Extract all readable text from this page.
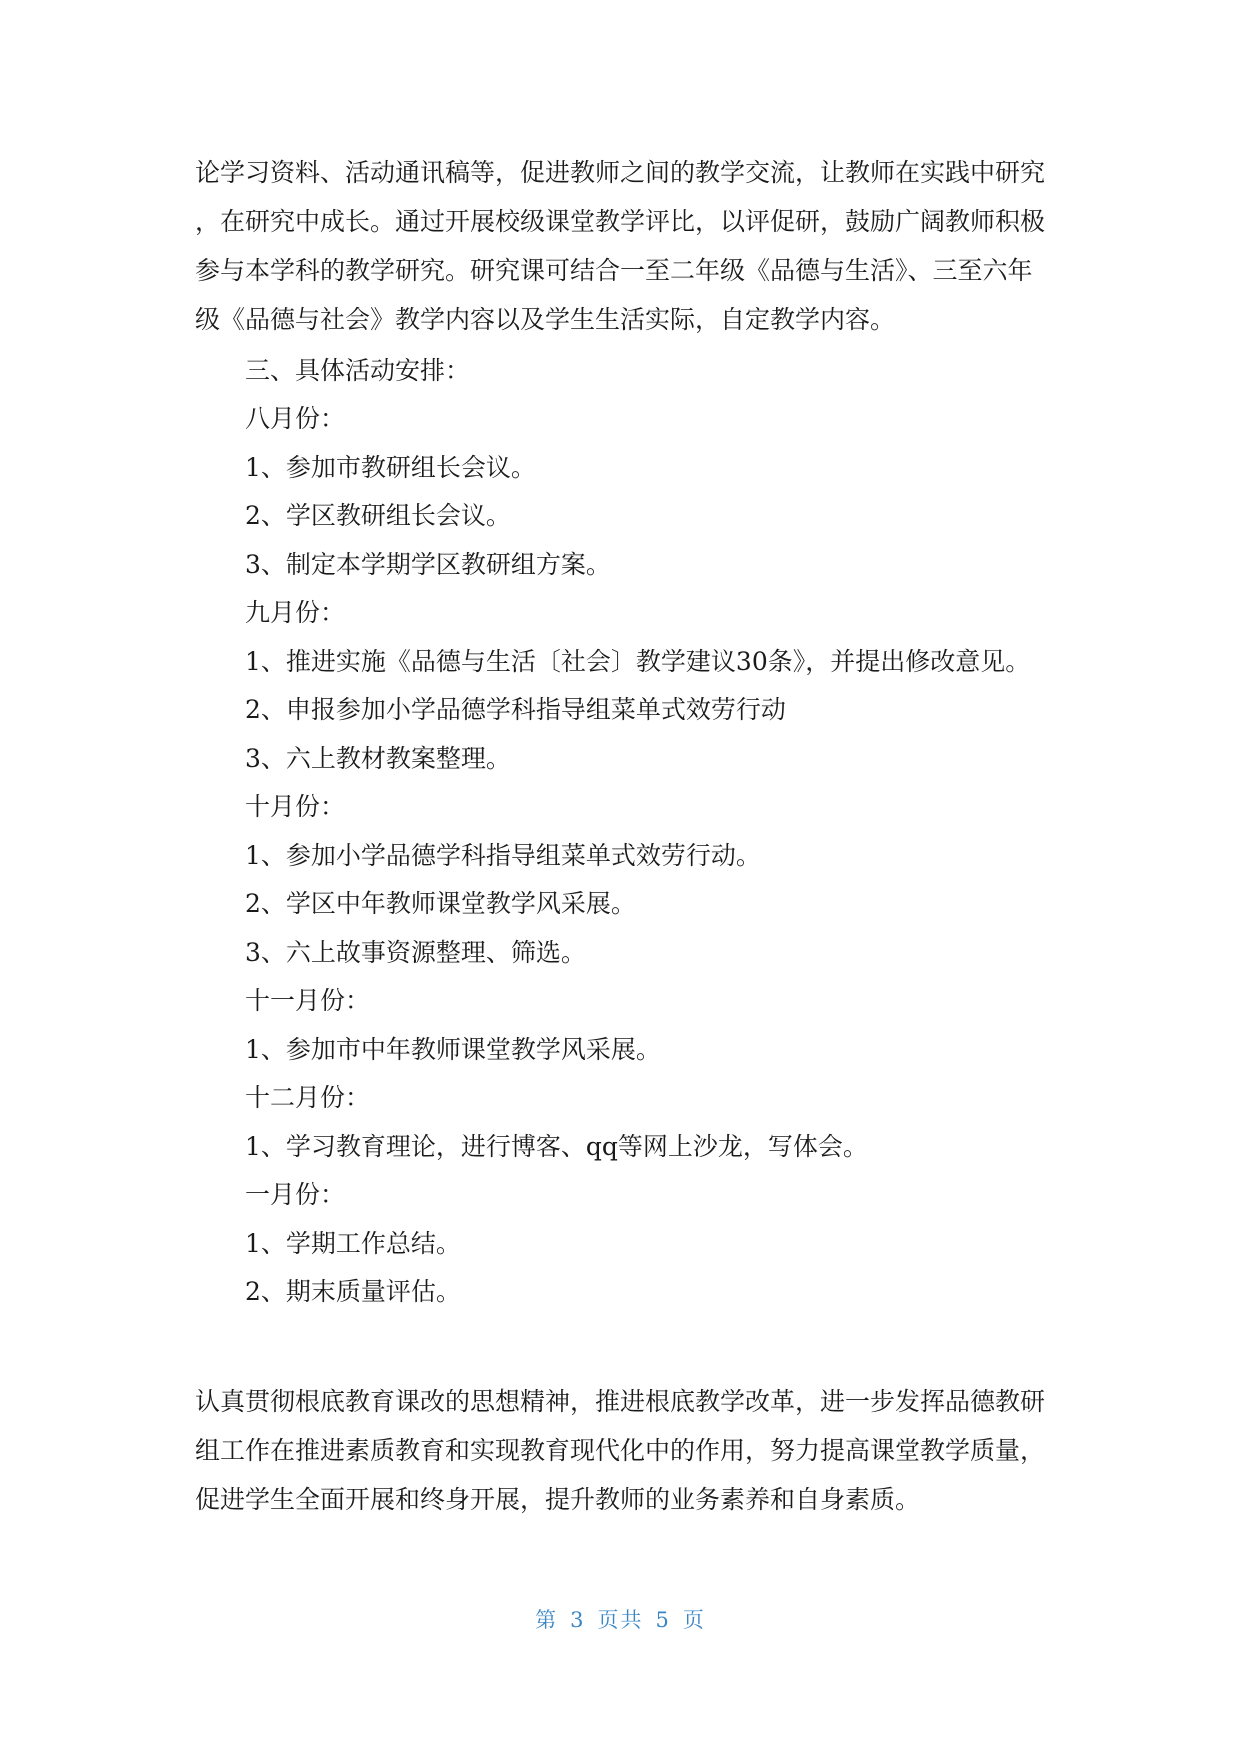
论学习资料、活动通讯稿等，促进教师之间的教学交流，让教师在实践中研究
，在研究中成长。通过开展校级课堂教学评比，以评促研，鼓励广阔教师积极
参与本学科的教学研究。研究课可结合一至二年级《品德与生活》、三至六年
级《品德与社会》教学内容以及学生生活实际，自定教学内容。

三、具体活动安排：

八月份：

1、参加市教研组长会议。

2、学区教研组长会议。

3、制定本学期学区教研组方案。

九月份：

1、推进实施《品德与生活〔社会〕教学建议30条》，并提出修改意见。

2、申报参加小学品德学科指导组菜单式效劳行动

3、六上教材教案整理。

十月份：

1、参加小学品德学科指导组菜单式效劳行动。

2、学区中年教师课堂教学风采展。

3、六上故事资源整理、筛选。

十一月份：

1、参加市中年教师课堂教学风采展。

十二月份：

1、学习教育理论，进行博客、qq等网上沙龙，写体会。

一月份：

1、学期工作总结。

2、期末质量评估。

认真贯彻根底教育课改的思想精神，推进根底教学改革，进一步发挥品德教研
组工作在推进素质教育和实现教育现代化中的作用，努力提高课堂教学质量，
促进学生全面开展和终身开展，提升教师的业务素养和自身素质。
第 3 页共 5 页
